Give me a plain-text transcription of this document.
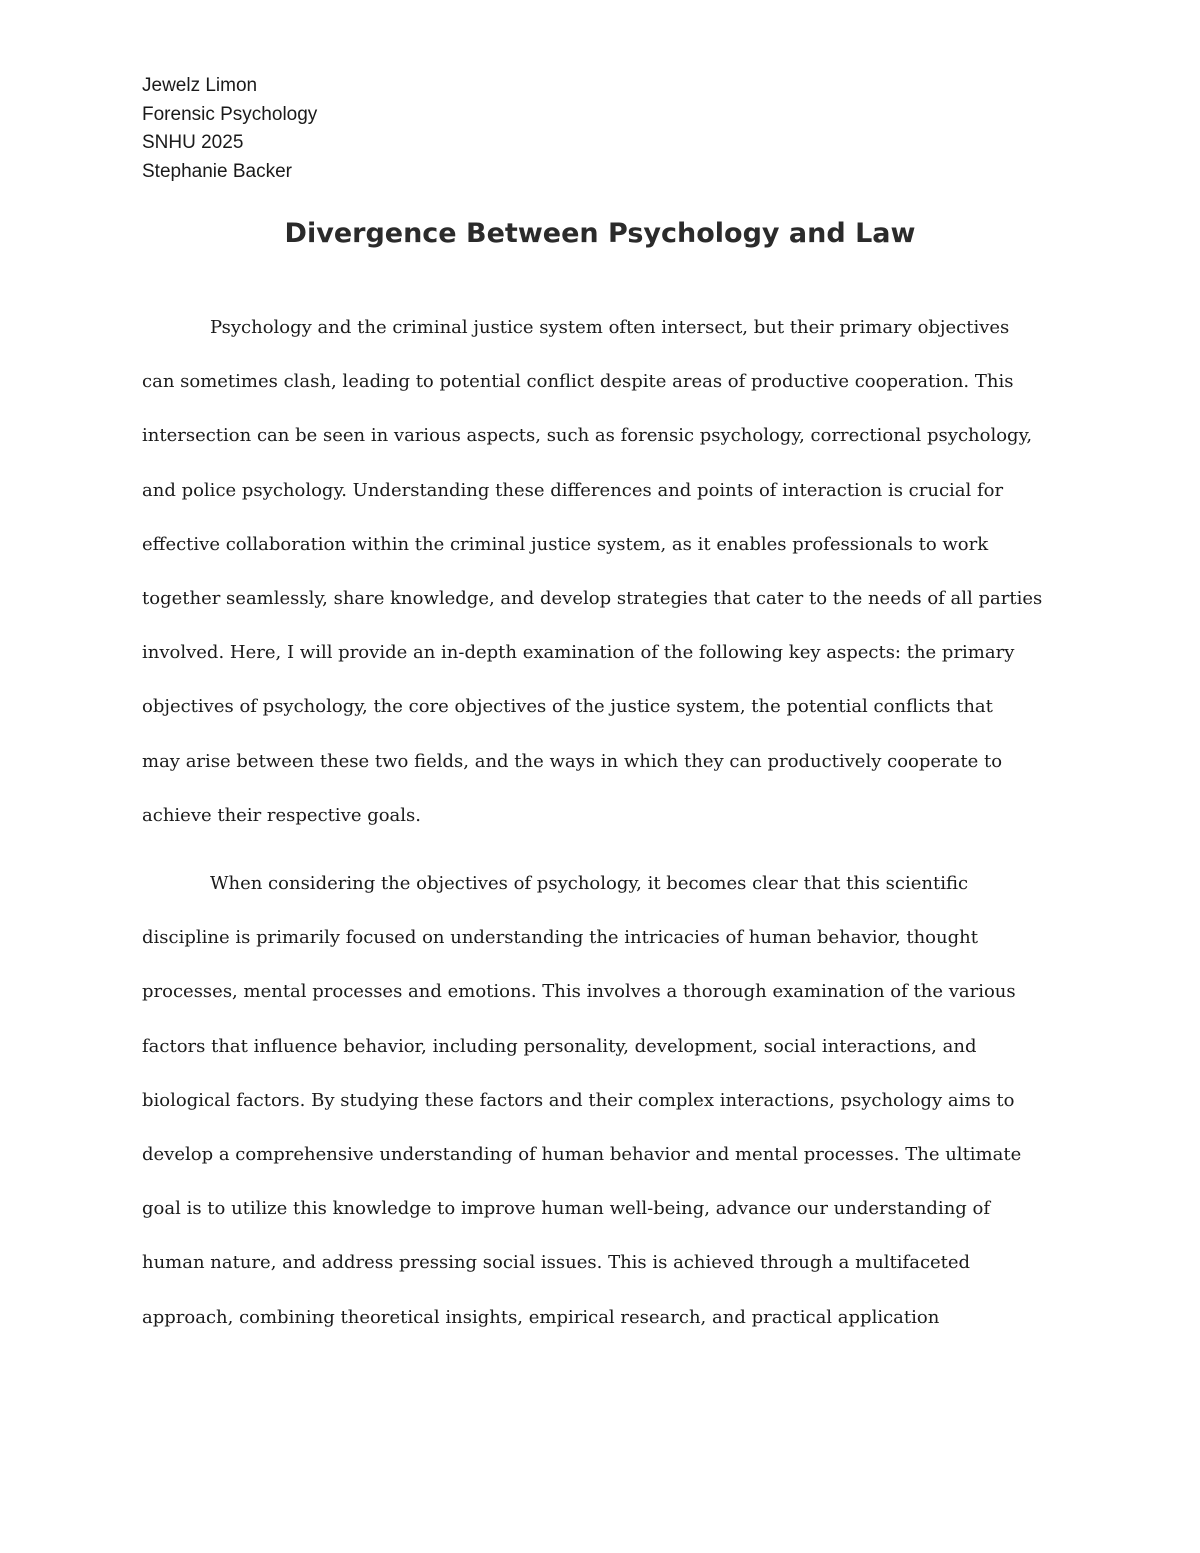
Jewelz Limon
Forensic Psychology
SNHU 2025
Stephanie Backer
Divergence Between Psychology and Law

Psychology and the criminal justice system often intersect, but their primary objectives
can sometimes clash, leading to potential conflict despite areas of productive cooperation. This
intersection can be seen in various aspects, such as forensic psychology, correctional psychology,
and police psychology. Understanding these differences and points of interaction is crucial for
effective collaboration within the criminal justice system, as it enables professionals to work
together seamlessly, share knowledge, and develop strategies that cater to the needs of all parties
involved. Here, I will provide an in-depth examination of the following key aspects: the primary
objectives of psychology, the core objectives of the justice system, the potential conflicts that
may arise between these two fields, and the ways in which they can productively cooperate to
achieve their respective goals.

When considering the objectives of psychology, it becomes clear that this scientific
discipline is primarily focused on understanding the intricacies of human behavior, thought
processes, mental processes and emotions. This involves a thorough examination of the various
factors that influence behavior, including personality, development, social interactions, and
biological factors. By studying these factors and their complex interactions, psychology aims to
develop a comprehensive understanding of human behavior and mental processes. The ultimate
goal is to utilize this knowledge to improve human well-being, advance our understanding of
human nature, and address pressing social issues. This is achieved through a multifaceted
approach, combining theoretical insights, empirical research, and practical application
